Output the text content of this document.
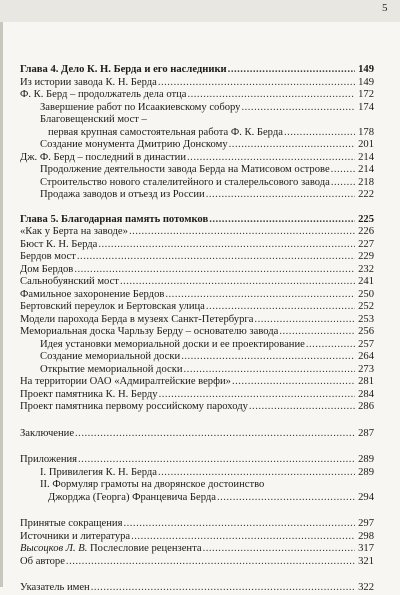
5
Глава 4. Дело К. Н. Берда и его наследники .....	149
Из истории завода К. Н. Берда .....	149
Ф. К. Берд – продолжатель дела отца .....	172
Завершение работ по Исаакиевскому собору .....	174
Благовещенский мост –
первая крупная самостоятельная работа Ф. К. Берда .....	178
Создание монумента Дмитрию Донскому .....	201
Дж. Ф. Берд – последний в династии .....	214
Продолжение деятельности завода Берда на Матисовом острове .....	214
Строительство нового сталелитейного и сталерельсового завода .....	218
Продажа заводов и отъезд из России .....	222
Глава 5. Благодарная память потомков .....	225
«Как у Берта на заводе» .....	226
Бюст К. Н. Берда .....	227
Бердов мост .....	229
Дом Бердов .....	232
Сальнобуянский мост .....	241
Фамильное захоронение Бердов .....	250
Бертовский переулок и Бертовская улица .....	252
Модели парохода Берда в музеях Санкт-Петербурга .....	253
Мемориальная доска Чарльзу Берду – основателю завода .....	256
Идея установки мемориальной доски и ее проектирование .....	257
Создание мемориальной доски .....	264
Открытие мемориальной доски .....	273
На территории ОАО «Адмиралтейские верфи» .....	281
Проект памятника К. Н. Берду .....	284
Проект памятника первому российскому пароходу .....	286
Заключение .....	287
Приложения .....	289
I. Привилегия К. Н. Берда .....	289
II. Формуляр грамоты на дворянское достоинство
Джорджа (Георга) Францевича Берда .....	294
Принятые сокращения .....	297
Источники и литература .....	298
Высоцков Л. В. Послесловие рецензента .....	317
Об авторе .....	321
Указатель имен .....	322
